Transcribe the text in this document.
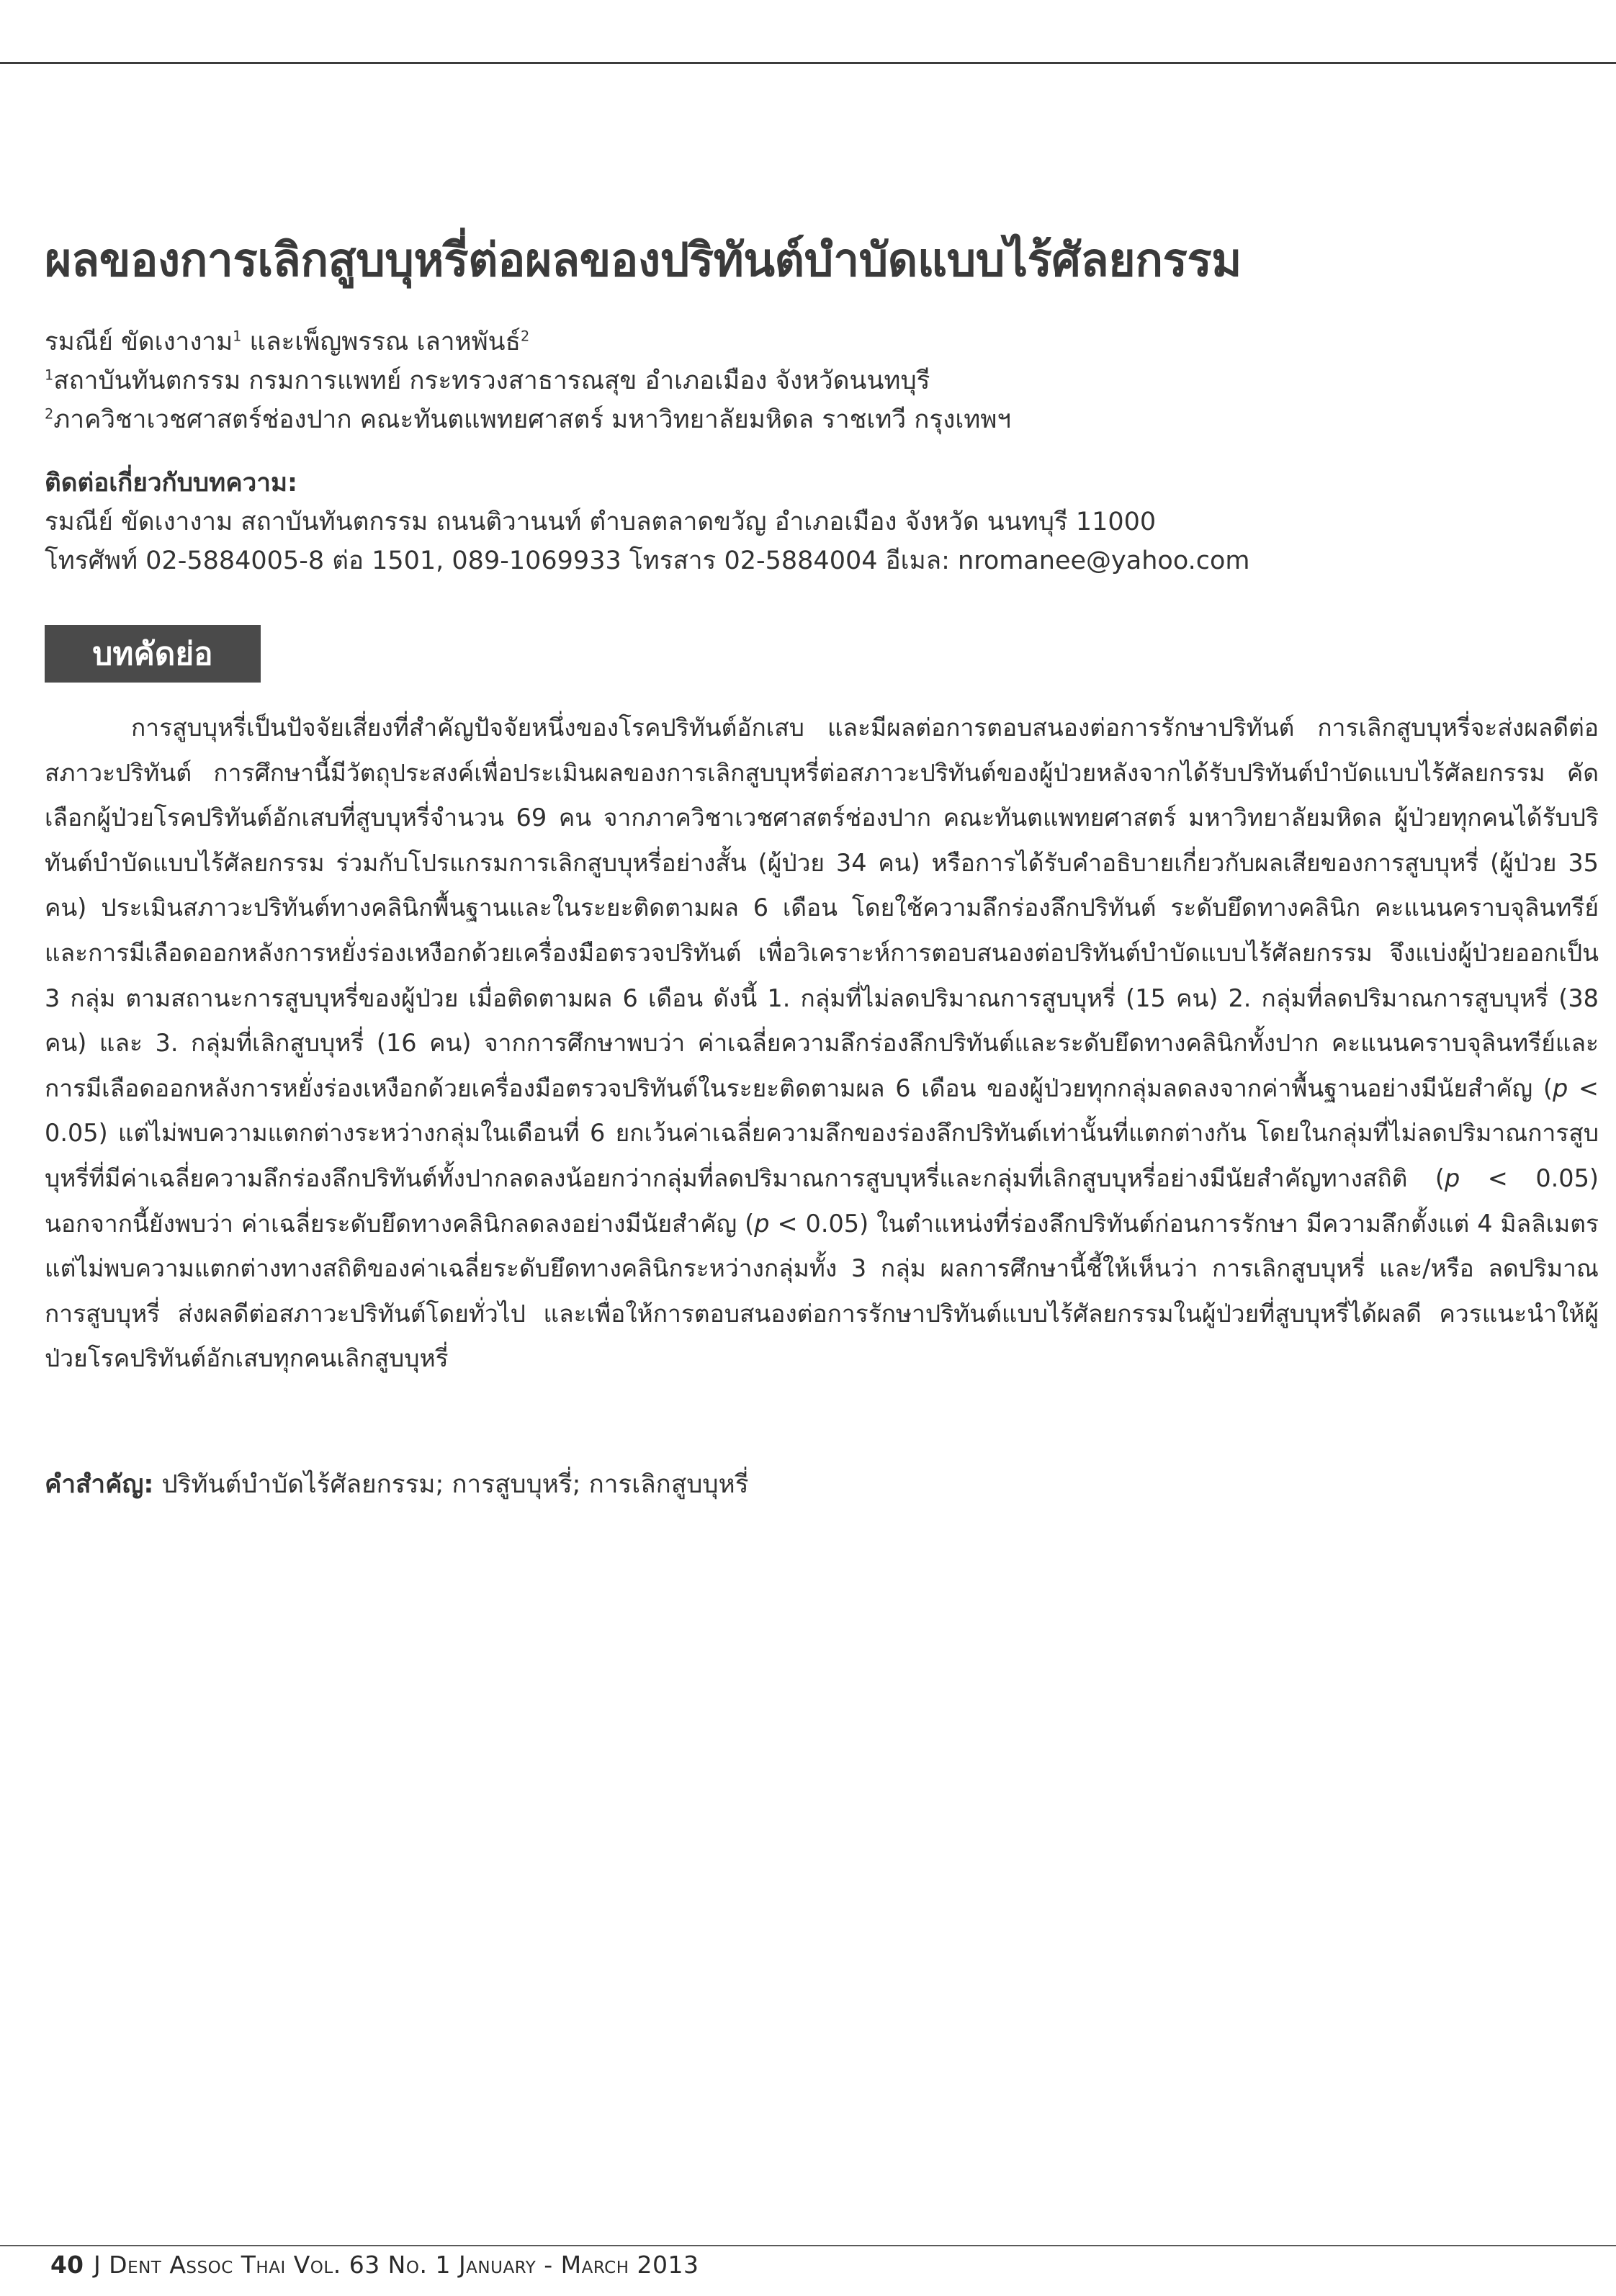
ผลของการเลิกสูบบุหรี่ต่อผลของปริทันต์บำบัดแบบไร้ศัลยกรรม
รมณีย์ ขัดเงางาม$^1$ และเพ็ญพรรณ เลาหพันธ์$^2$
$^1$สถาบันทันตกรรม กรมการแพทย์ กระทรวงสาธารณสุข อำเภอเมือง จังหวัดนนทบุรี
$^2$ภาควิชาเวชศาสตร์ช่องปาก คณะทันตแพทยศาสตร์ มหาวิทยาลัยมหิดล ราชเทวี กรุงเทพฯ
ติดต่อเกี่ยวกับบทความ:
รมณีย์ ขัดเงางาม สถาบันทันตกรรม ถนนติวานนท์ ตำบลตลาดขวัญ อำเภอเมือง จังหวัด นนทบุรี 11000
โทรศัพท์ 02-5884005-8 ต่อ 1501, 089-1069933 โทรสาร 02-5884004 อีเมล: nromanee@yahoo.com
บทคัดย่อ
การสูบบุหรี่เป็นปัจจัยเสี่ยงที่สำคัญปัจจัยหนึ่งของโรคปริทันต์อักเสบ และมีผลต่อการตอบสนองต่อการรักษาปริทันต์ การเลิกสูบบุหรี่จะส่งผลดีต่อสภาวะปริทันต์ การศึกษานี้มีวัตถุประสงค์เพื่อประเมินผลของการเลิกสูบบุหรี่ต่อสภาวะปริทันต์ของผู้ป่วยหลังจากได้รับปริทันต์บำบัดแบบไร้ศัลยกรรม คัดเลือกผู้ป่วยโรคปริทันต์อักเสบที่สูบบุหรี่จำนวน 69 คน จากภาควิชาเวชศาสตร์ช่องปาก คณะทันตแพทยศาสตร์ มหาวิทยาลัยมหิดล ผู้ป่วยทุกคนได้รับปริทันต์บำบัดแบบไร้ศัลยกรรม ร่วมกับโปรแกรมการเลิกสูบบุหรี่อย่างสั้น (ผู้ป่วย 34 คน) หรือการได้รับคำอธิบายเกี่ยวกับผลเสียของการสูบบุหรี่ (ผู้ป่วย 35 คน) ประเมินสภาวะปริทันต์ทางคลินิกพื้นฐานและในระยะติดตามผล 6 เดือน โดยใช้ความลึกร่องลึกปริทันต์ ระดับยึดทางคลินิก คะแนนคราบจุลินทรีย์ และการมีเลือดออกหลังการหยั่งร่องเหงือกด้วยเครื่องมือตรวจปริทันต์ เพื่อวิเคราะห์การตอบสนองต่อปริทันต์บำบัดแบบไร้ศัลยกรรม จึงแบ่งผู้ป่วยออกเป็น 3 กลุ่ม ตามสถานะการสูบบุหรี่ของผู้ป่วย เมื่อติดตามผล 6 เดือน ดังนี้ 1. กลุ่มที่ไม่ลดปริมาณการสูบบุหรี่ (15 คน) 2. กลุ่มที่ลดปริมาณการสูบบุหรี่ (38 คน) และ 3. กลุ่มที่เลิกสูบบุหรี่ (16 คน) จากการศึกษาพบว่า ค่าเฉลี่ยความลึกร่องลึกปริทันต์และระดับยึดทางคลินิกทั้งปาก คะแนนคราบจุลินทรีย์และการมีเลือดออกหลังการหยั่งร่องเหงือกด้วยเครื่องมือตรวจปริทันต์ในระยะติดตามผล 6 เดือน ของผู้ป่วยทุกกลุ่มลดลงจากค่าพื้นฐานอย่างมีนัยสำคัญ (p < 0.05) แต่ไม่พบความแตกต่างระหว่างกลุ่มในเดือนที่ 6 ยกเว้นค่าเฉลี่ยความลึกของร่องลึกปริทันต์เท่านั้นที่แตกต่างกัน โดยในกลุ่มที่ไม่ลดปริมาณการสูบบุหรี่ที่มีค่าเฉลี่ยความลึกร่องลึกปริทันต์ทั้งปากลดลงน้อยกว่ากลุ่มที่ลดปริมาณการสูบบุหรี่และกลุ่มที่เลิกสูบบุหรี่อย่างมีนัยสำคัญทางสถิติ (p < 0.05) นอกจากนี้ยังพบว่า ค่าเฉลี่ยระดับยึดทางคลินิกลดลงอย่างมีนัยสำคัญ (p < 0.05) ในตำแหน่งที่ร่องลึกปริทันต์ก่อนการรักษา มีความลึกตั้งแต่ 4 มิลลิเมตร แต่ไม่พบความแตกต่างทางสถิติของค่าเฉลี่ยระดับยึดทางคลินิกระหว่างกลุ่มทั้ง 3 กลุ่ม ผลการศึกษานี้ชี้ให้เห็นว่า การเลิกสูบบุหรี่ และ/หรือ ลดปริมาณการสูบบุหรี่ ส่งผลดีต่อสภาวะปริทันต์โดยทั่วไป และเพื่อให้การตอบสนองต่อการรักษาปริทันต์แบบไร้ศัลยกรรมในผู้ป่วยที่สูบบุหรี่ได้ผลดี ควรแนะนำให้ผู้ป่วยโรคปริทันต์อักเสบทุกคนเลิกสูบบุหรี่
คำสำคัญ: ปริทันต์บำบัดไร้ศัลยกรรม; การสูบบุหรี่; การเลิกสูบบุหรี่
40 J Dent Assoc Thai Vol. 63 No. 1 January - March 2013
